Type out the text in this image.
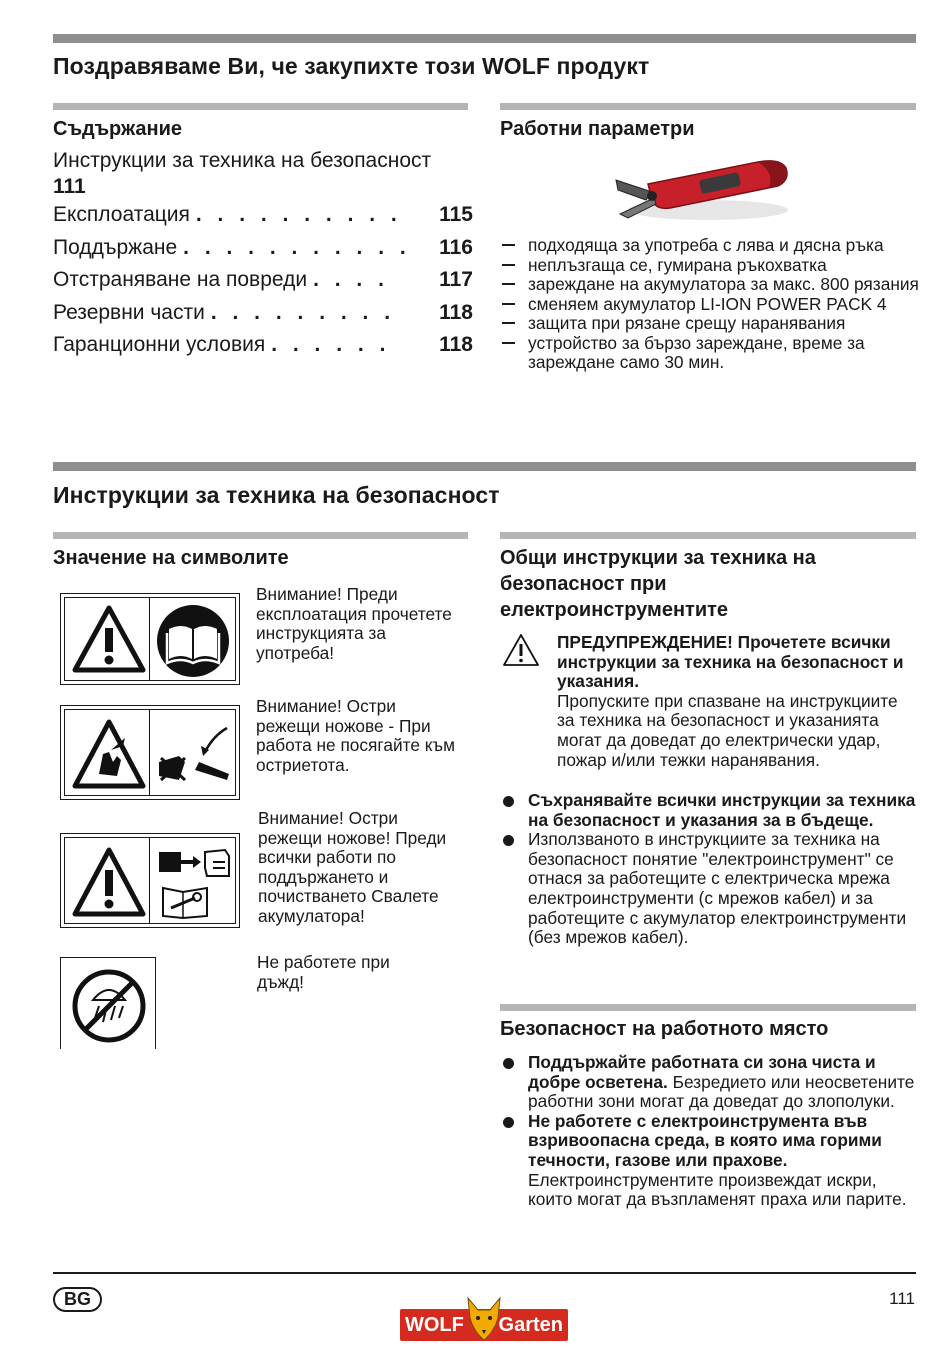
Поздравяваме Ви, че закупихте този WOLF продукт
Съдържание
Инструкции за техника на безопасност
111
Експлоатация . . . . . . . . . .	115
Поддържане . . . . . . . . . . .	116
Отстраняване на повреди . . . .	117
Резервни части . . . . . . . . .	118
Гаранционни условия . . . . . .	118
Работни параметри
подходяща за употреба с лява и дясна ръка
неплъзгаща се, гумирана ръкохватка
зареждане на акумулатора за макс. 800 рязания
сменяем акумулатор LI-ION POWER PACK 4
защита при рязане срещу наранявания
устройство за бързо зареждане, време за зареждане само 30 мин.
Инструкции за техника на безопасност
Значение на символите
Внимание! Преди експлоатация прочетете инструкцията за употреба!
Внимание! Остри режещи ножове - При работа не посягайте към остриетота.
Внимание! Остри режещи ножове! Преди всички работи по поддържането и почистването Свалете акумулатора!
Не работете при дъжд!
Общи инструкции за техника на безопасност при електроинструментите
ПРЕДУПРЕЖДЕНИЕ! Прочетете всички инструкции за техника на безопасност и указания.
Пропуските при спазване на инструкциите за техника на безопасност и указанията могат да доведат до електрически удар, пожар и/или тежки наранявания.
Съхранявайте всички инструкции за техника на безопасност и указания за в бъдеще.
Използваното в инструкциите за техника на безопасност понятие "електроинструмент" се отнася за работещите с електрическа мрежа електроинструменти (с мрежов кабел) и за работещите с акумулатор електроинструменти (без мрежов кабел).
Безопасност на работното място
Поддържайте работната си зона чиста и добре осветена. Безредието или неосветените работни зони могат да доведат до злополуки.
Не работете с електроинструмента във взривоопасна среда, в която има горими течности, газове или прахове. Електроинструментите произвеждат искри, които могат да възпламенят праха или парите.
BG	111
WOLF	Garten
